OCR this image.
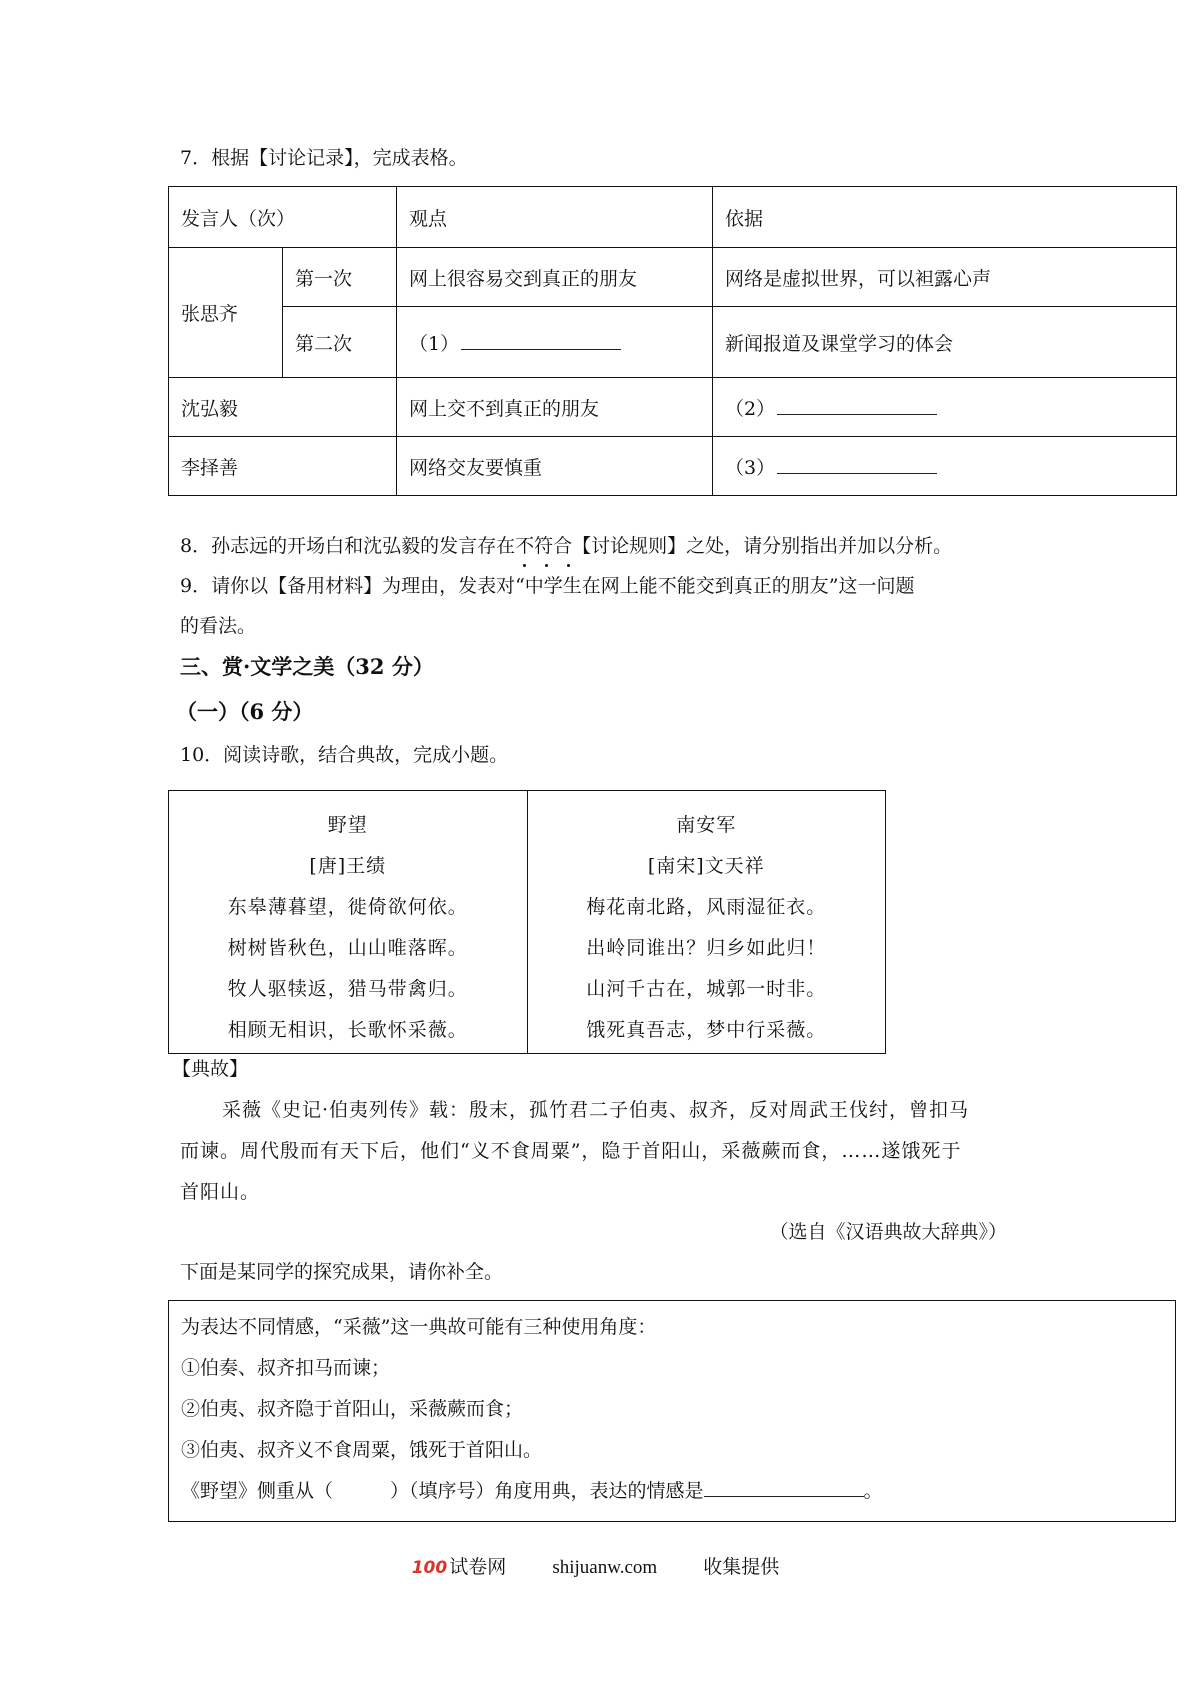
7．根据【讨论记录】，完成表格。
发言人（次）		观点	依据
张思齐	第一次	网上很容易交到真正的朋友	网络是虚拟世界，可以袒露心声
	第二次	（1）	新闻报道及课堂学习的体会
沈弘毅		网上交不到真正的朋友	（2）
李择善		网络交友要慎重	（3）
8．孙志远的开场白和沈弘毅的发言存在不符合
【讨论规则】之处，请分别指出并加以分析。
9．请你以【备用材料】为理由，发表对“中学生在网上能不能交到真正的朋友”这一问题
的看法。
三、赏·文学之美（32 分）
（一）（6 分）
10．阅读诗歌，结合典故，完成小题。
野望
[唐]王绩
东皋薄暮望，徙倚欲何依。
树树皆秋色，山山唯落晖。
牧人驱犊返，猎马带禽归。
相顾无相识，长歌怀采薇。

南安军
[南宋]文天祥
梅花南北路，风雨湿征衣。
出岭同谁出？归乡如此归！
山河千古在，城郭一时非。
饿死真吾志，梦中行采薇。
【典故】
采薇《史记·伯夷列传》载：殷末，孤竹君二子伯夷、叔齐，反对周武王伐纣，曾扣马
而谏。周代殷而有天下后，他们“义不食周粟”，隐于首阳山，采薇蕨而食，……遂饿死于
首阳山。
（选自《汉语典故大辞典》）
下面是某同学的探究成果，请你补全。
为表达不同情感，“采薇”这一典故可能有三种使用角度：
①伯奏、叔齐扣马而谏；
②伯夷、叔齐隐于首阳山，采薇蕨而食；
③伯夷、叔齐义不食周粟，饿死于首阳山。
《野望》侧重从（　　　）（填序号）角度用典，表达的情感是	。
100 试卷网 shijuanw.com 收集提供
